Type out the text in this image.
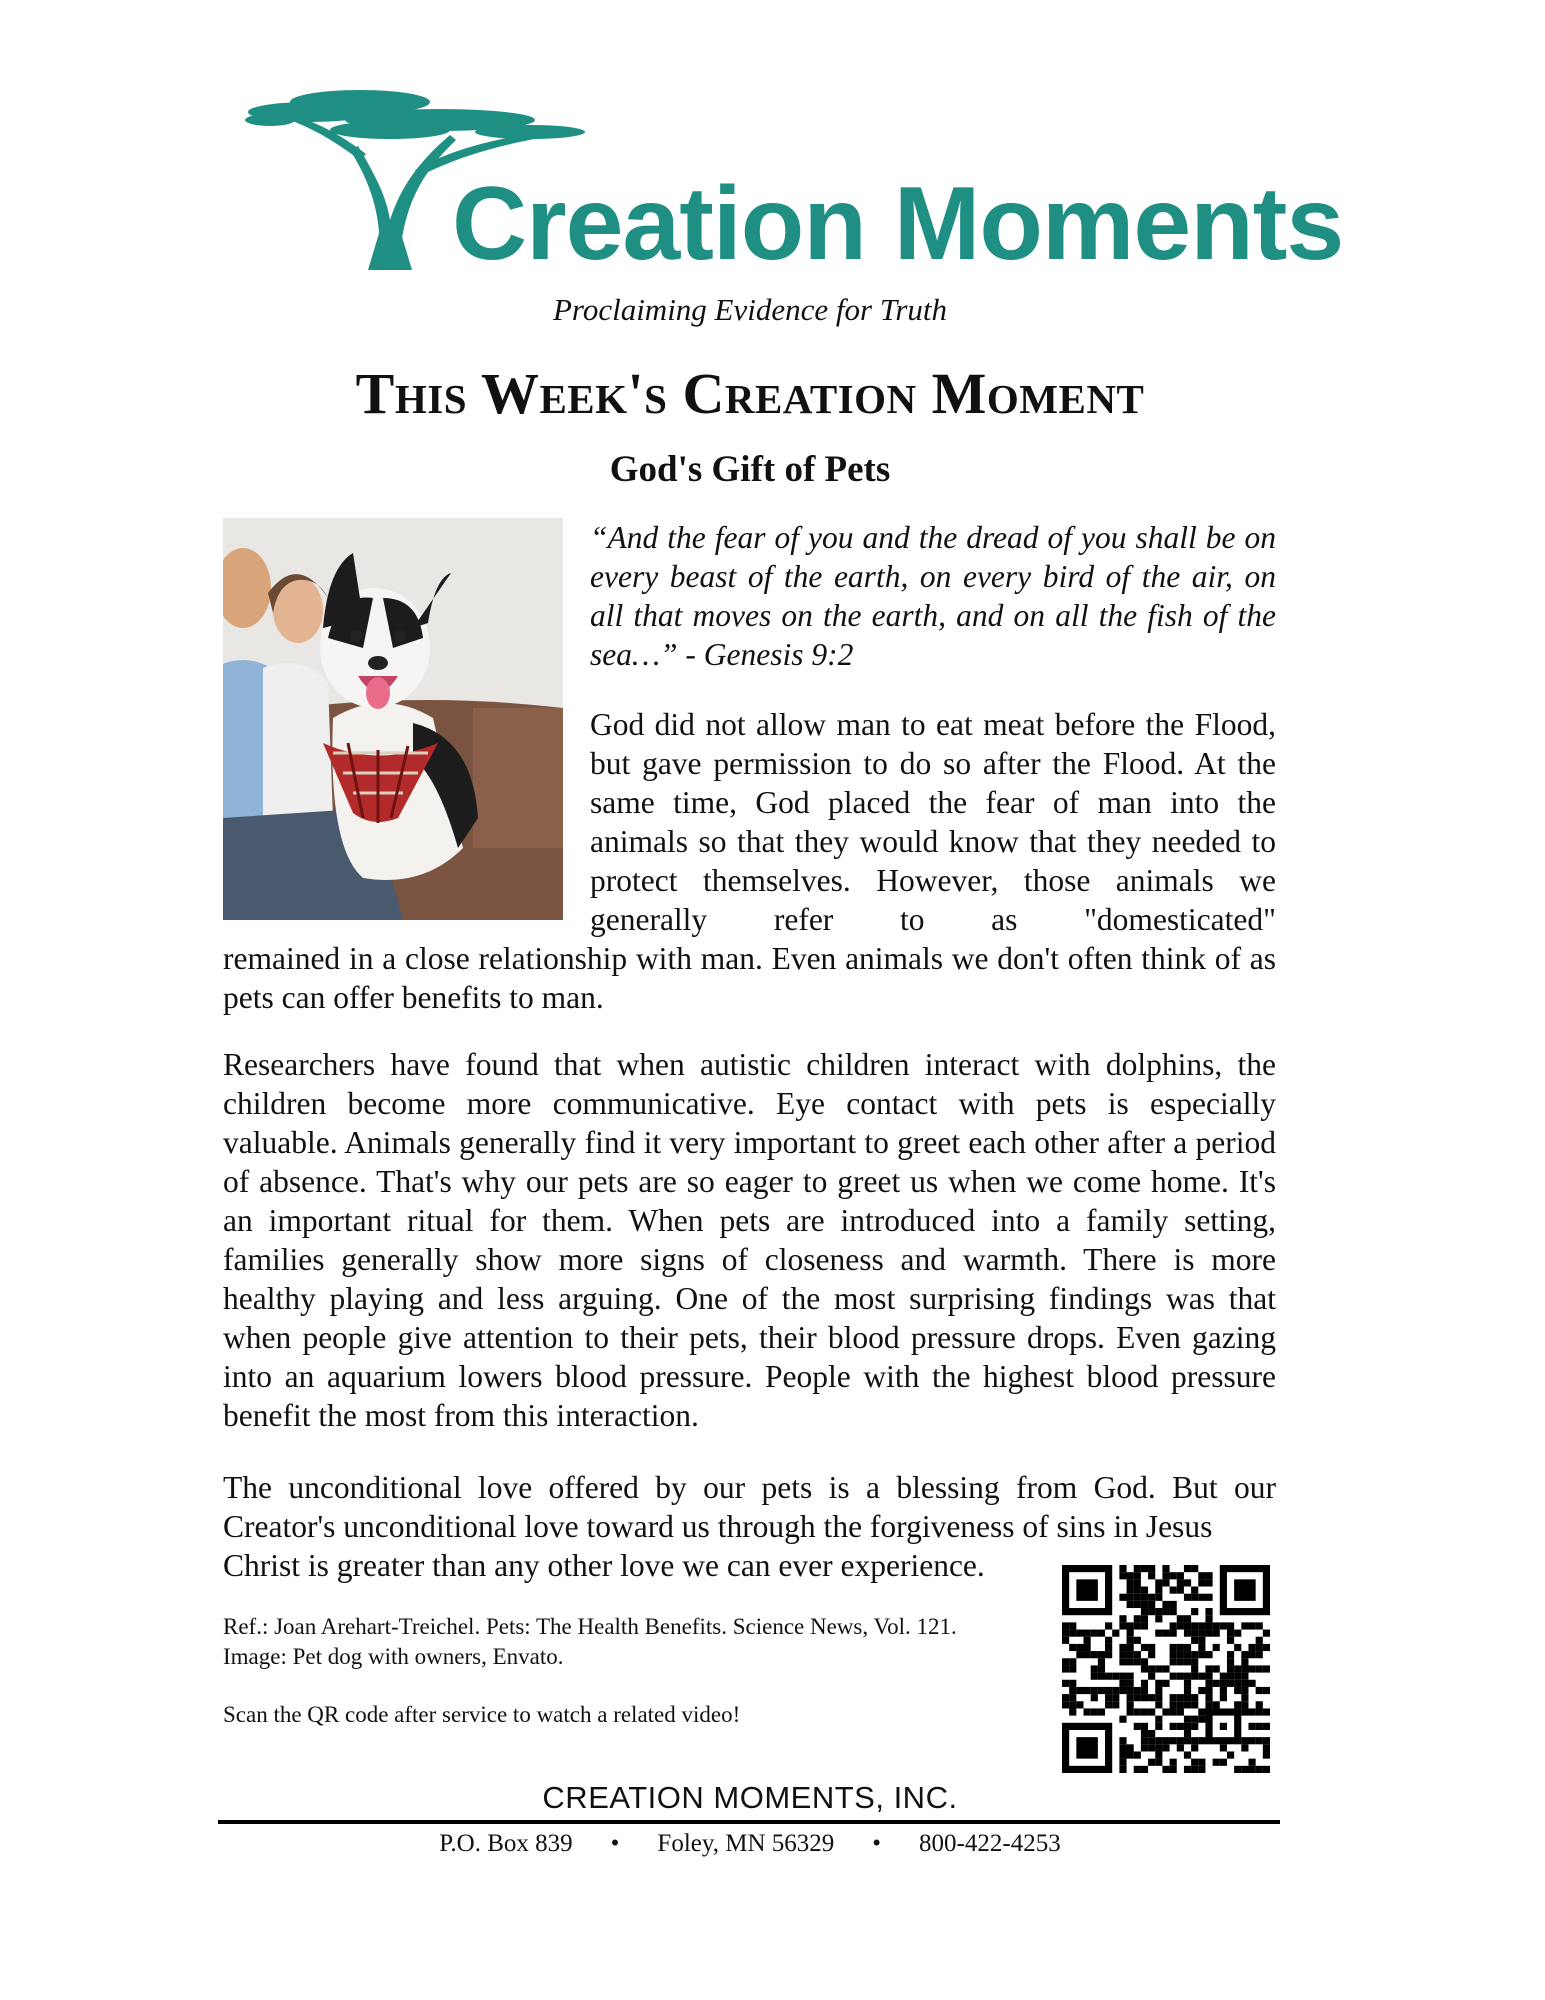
Creation Moments
Proclaiming Evidence for Truth
This Week's Creation Moment
God's Gift of Pets
“And the fear of you and the dread of you shall be on every beast of the earth, on every bird of the air, on all that moves on the earth, and on all the fish of the sea…” - Genesis 9:2
God did not allow man to eat meat before the Flood, but gave permission to do so after the Flood. At the same time, God placed the fear of man into the animals so that they would know that they needed to protect themselves. However, those animals we generally refer to as "domesticated"
remained in a close relationship with man. Even animals we don't often think of as pets can offer benefits to man.
Researchers have found that when autistic children interact with dolphins, the children become more communicative. Eye contact with pets is especially valuable. Animals generally find it very important to greet each other after a period of absence. That's why our pets are so eager to greet us when we come home. It's an important ritual for them. When pets are introduced into a family setting, families generally show more signs of closeness and warmth. There is more healthy playing and less arguing. One of the most surprising findings was that when people give attention to their pets, their blood pressure drops. Even gazing into an aquarium lowers blood pressure. People with the highest blood pressure benefit the most from this interaction.
The unconditional love offered by our pets is a blessing from God. But our Creator's unconditional love toward us through the forgiveness of sins in Jesus
Christ is greater than any other love we can ever experience.
Ref.: Joan Arehart-Treichel. Pets: The Health Benefits. Science News, Vol. 121. Image: Pet dog with owners, Envato.
Scan the QR code after service to watch a related video!
CREATION MOMENTS, INC.
P.O. Box 839 • Foley, MN 56329 • 800-422-4253
